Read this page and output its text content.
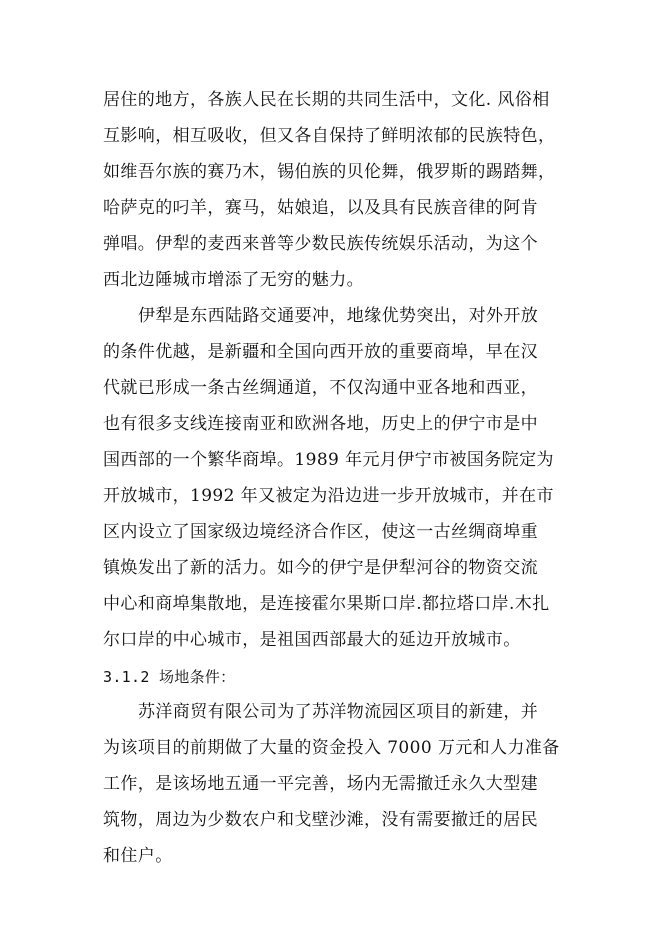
居住的地方，各族人民在长期的共同生活中，文化. 风俗相
互影响，相互吸收，但又各自保持了鲜明浓郁的民族特色，
如维吾尔族的赛乃木，锡伯族的贝伦舞，俄罗斯的踢踏舞，
哈萨克的叼羊，赛马，姑娘追，以及具有民族音律的阿肯
弹唱。伊犁的麦西来普等少数民族传统娱乐活动，为这个
西北边陲城市增添了无穷的魅力。
伊犁是东西陆路交通要冲，地缘优势突出，对外开放
的条件优越，是新疆和全国向西开放的重要商埠，早在汉
代就已形成一条古丝绸通道，不仅沟通中亚各地和西亚，
也有很多支线连接南亚和欧洲各地，历史上的伊宁市是中
国西部的一个繁华商埠。1989 年元月伊宁市被国务院定为
开放城市，1992 年又被定为沿边进一步开放城市，并在市
区内设立了国家级边境经济合作区，使这一古丝绸商埠重
镇焕发出了新的活力。如今的伊宁是伊犁河谷的物资交流
中心和商埠集散地，是连接霍尔果斯口岸.都拉塔口岸.木扎
尔口岸的中心城市，是祖国西部最大的延边开放城市。
3.1.2 场地条件：
苏洋商贸有限公司为了苏洋物流园区项目的新建，并
为该项目的前期做了大量的资金投入 7000 万元和人力准备
工作，是该场地五通一平完善，场内无需撤迁永久大型建
筑物，周边为少数农户和戈壁沙滩，没有需要撤迁的居民
和住户。
